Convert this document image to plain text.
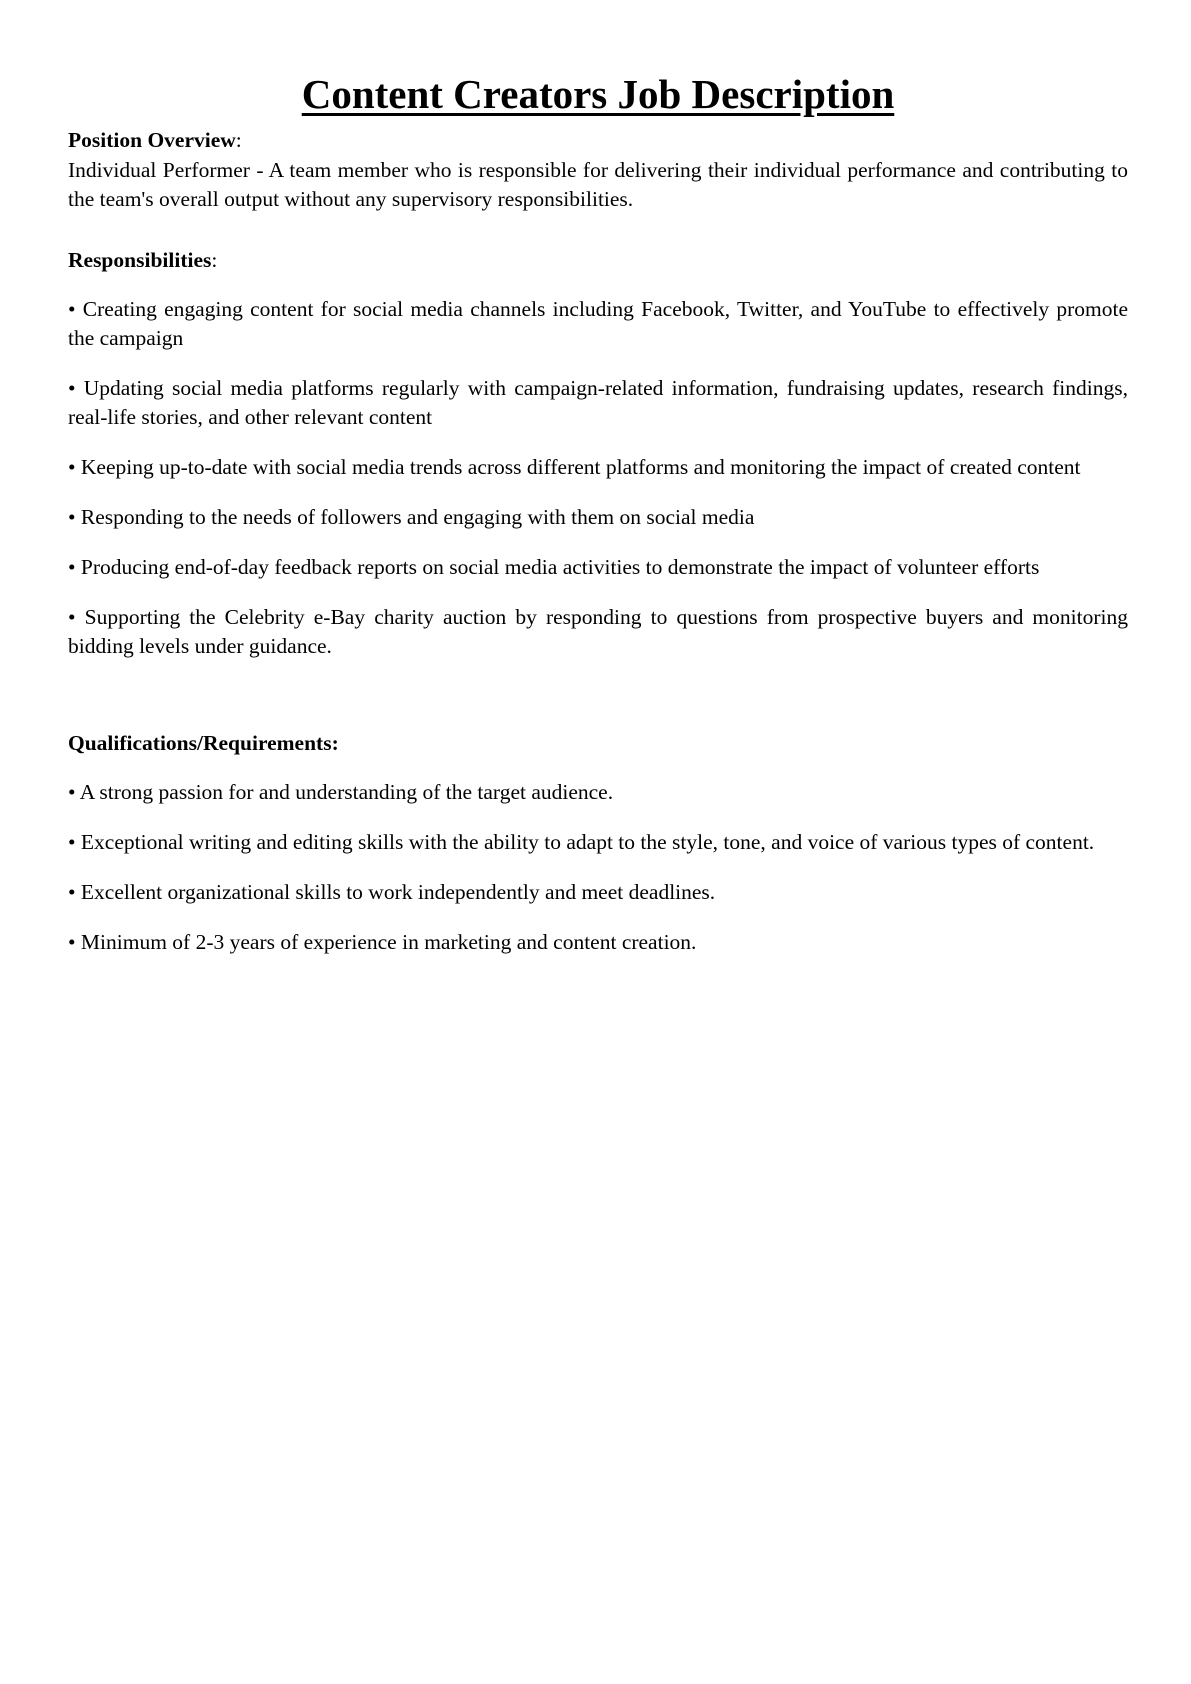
Content Creators Job Description

Position Overview:

Individual Performer - A team member who is responsible for delivering their individual performance and contributing to the team's overall output without any supervisory responsibilities.

Responsibilities:

• Creating engaging content for social media channels including Facebook, Twitter, and YouTube to effectively promote the campaign
• Updating social media platforms regularly with campaign-related information, fundraising updates, research findings, real-life stories, and other relevant content
• Keeping up-to-date with social media trends across different platforms and monitoring the impact of created content
• Responding to the needs of followers and engaging with them on social media
• Producing end-of-day feedback reports on social media activities to demonstrate the impact of volunteer efforts
• Supporting the Celebrity e-Bay charity auction by responding to questions from prospective buyers and monitoring bidding levels under guidance.

Qualifications/Requirements:

• A strong passion for and understanding of the target audience.
• Exceptional writing and editing skills with the ability to adapt to the style, tone, and voice of various types of content.
• Excellent organizational skills to work independently and meet deadlines.
• Minimum of 2-3 years of experience in marketing and content creation.
